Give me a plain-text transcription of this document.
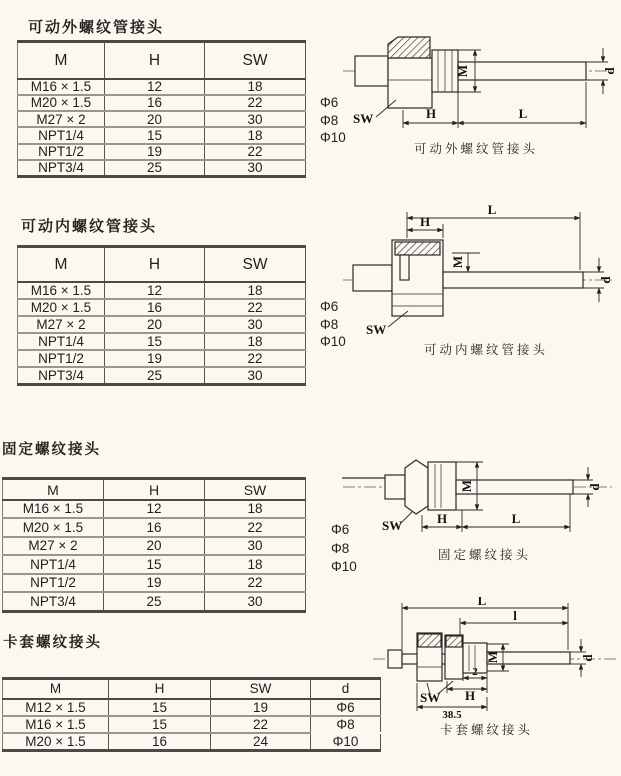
可动外螺纹管接头
M	H	SW
M16 × 1.5	12	18
M20 × 1.5	16	22
M27 × 2	20	30
NPT1/4	15	18
NPT1/2	19	22
NPT3/4	25	30
Φ6
Φ8
Φ10
M	d
H	L
SW
可动外螺纹管接头
可动内螺纹管接头
M	H	SW
M16 × 1.5	12	18
M20 × 1.5	16	22
M27 × 2	20	30
NPT1/4	15	18
NPT1/2	19	22
NPT3/4	25	30
Φ6
Φ8
Φ10
L
H
M
d
SW
可动内螺纹管接头
固定螺纹接头
M	H	SW
M16 × 1.5	12	18
M20 × 1.5	16	22
M27 × 2	20	30
NPT1/4	15	18
NPT1/2	19	22
NPT3/4	25	30
Φ6
Φ8
Φ10
M	d
H	L
SW
固定螺纹接头
卡套螺纹接头
M	H	SW	d
M12 × 1.5	15	19	Φ6
M16 × 1.5	15	22	Φ8
M20 × 1.5	16	24	Φ10
L
l
M	d
2
H
38.5
SW
卡套螺纹接头
